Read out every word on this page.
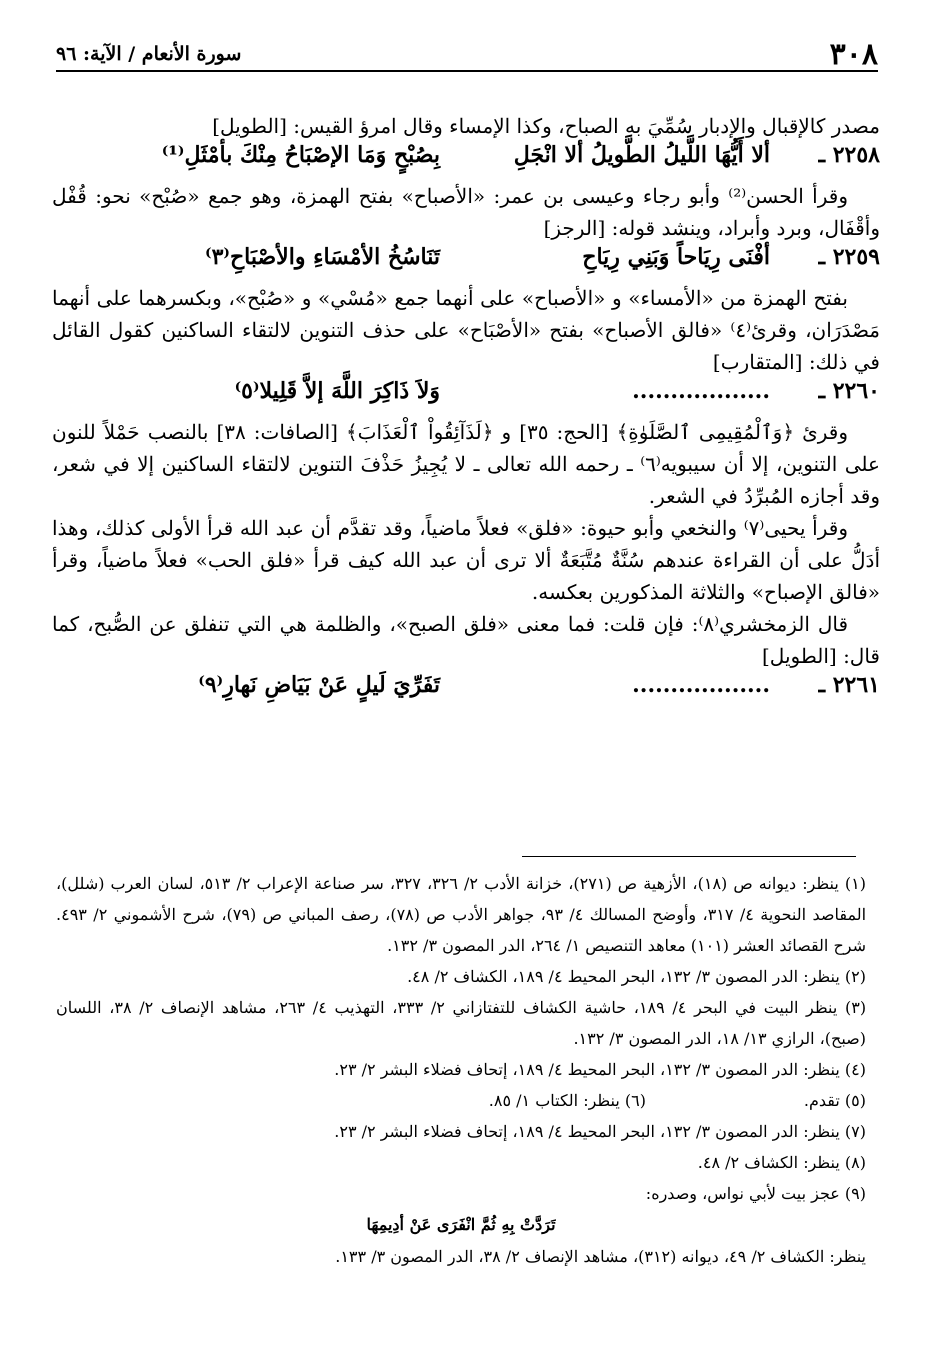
٣٠٨
سورة الأنعام / الآية: ٩٦

مصدر كالإقبال والإدبار سُمِّيَ به الصباح، وكذا الإمساء وقال امرؤ القيس: [الطويل]

٢٢٥٨ ـ
ألا أَيُّهَا اللَّيلُ الطَّويلُ ألا انْجَلِ
بِصُبْحٍ وَمَا الإصْبَاحُ مِنْكَ بأمْثَلِ⁽¹⁾

وقرأ الحسن⁽²⁾ وأبو رجاء وعيسى بن عمر: «الأصباح» بفتح الهمزة، وهو جمع «صُبْح» نحو: قُفْل وأقْفَال، وبرد وأبراد، وينشد قوله: [الرجز]

٢٢٥٩ ـ
أفْنَى رِيَاحاً وَبَنِي رِيَاحِ
تَنَاسُخُ الأمْسَاءِ والأصْبَاحِ⁽٣⁾

بفتح الهمزة من «الأمساء» و «الأصباح» على أنهما جمع «مُسْي» و «صُبْح»، وبكسرهما على أنهما مَصْدَرَان، وقرئ⁽٤⁾ «فالق الأصباح» بفتح «الأصْبَاح» على حذف التنوين لالتقاء الساكنين كقول القائل في ذلك: [المتقارب]

٢٢٦٠ ـ
..................
وَلاَ ذَاكِرَ اللَّهَ إلاَّ قَلِيلا⁽٥⁾

وقرئ ﴿وَٱلْمُقِيمِى ٱلصَّلَوٰةِ﴾ [الحج: ٣٥] و ﴿لَذَآئِقُواْ ٱلْعَذَابَ﴾ [الصافات: ٣٨] بالنصب حَمْلاً للنون على التنوين، إلا أن سيبويه⁽٦⁾ ـ رحمه الله تعالى ـ لا يُجِيزُ حَذْفَ التنوين لالتقاء الساكنين إلا في شعر، وقد أجازه المُبرِّدُ في الشعر.

وقرأ يحيى⁽٧⁾ والنخعي وأبو حيوة: «فلق» فعلاً ماضياً، وقد تقدَّم أن عبد الله قرأ الأولى كذلك، وهذا أدَلُّ على أن القراءة عندهم سُنَّةٌ مُتَّبَعَةٌ ألا ترى أن عبد الله كيف قرأ «فلق الحب» فعلاً ماضياً، وقرأ «فالق الإصباح» والثلاثة المذكورين بعكسه.

قال الزمخشري⁽٨⁾: فإن قلت: فما معنى «فلق الصبح»، والظلمة هي التي تنفلق عن الصُّبح، كما قال: [الطويل]

٢٢٦١ ـ
..................
تَفَرِّيَ لَيلٍ عَنْ بَيَاضِ نَهارِ⁽٩⁾
(١) ينظر: ديوانه ص (١٨)، الأزهية ص (٢٧١)، خزانة الأدب ٢/ ٣٢٦، ٣٢٧، سر صناعة الإعراب ٢/ ٥١٣، لسان العرب (شلل)، المقاصد النحوية ٤/ ٣١٧، وأوضح المسالك ٤/ ٩٣، جواهر الأدب ص (٧٨)، رصف المباني ص (٧٩)، شرح الأشموني ٢/ ٤٩٣. شرح القصائد العشر (١٠١) معاهد التنصيص ١/ ٢٦٤، الدر المصون ٣/ ١٣٢.
(٢) ينظر: الدر المصون ٣/ ١٣٢، البحر المحيط ٤/ ١٨٩، الكشاف ٢/ ٤٨.
(٣) ينظر البيت في البحر ٤/ ١٨٩، حاشية الكشاف للتفتازاني ٢/ ٣٣٣، التهذيب ٤/ ٢٦٣، مشاهد الإنصاف ٢/ ٣٨، اللسان (صبح)، الرازي ١٣/ ١٨، الدر المصون ٣/ ١٣٢.
(٤) ينظر: الدر المصون ٣/ ١٣٢، البحر المحيط ٤/ ١٨٩، إتحاف فضلاء البشر ٢/ ٢٣.
(٥) تقدم.(٦) ينظر: الكتاب ١/ ٨٥.
(٧) ينظر: الدر المصون ٣/ ١٣٢، البحر المحيط ٤/ ١٨٩، إتحاف فضلاء البشر ٢/ ٢٣.
(٨) ينظر: الكشاف ٢/ ٤٨.
(٩) عجز بيت لأبي نواس، وصدره:
تَرَدَّتْ بِهِ ثُمَّ انْفَرَى عَنْ أدِيمِهَا
ينظر: الكشاف ٢/ ٤٩، ديوانه (٣١٢)، مشاهد الإنصاف ٢/ ٣٨، الدر المصون ٣/ ١٣٣.
